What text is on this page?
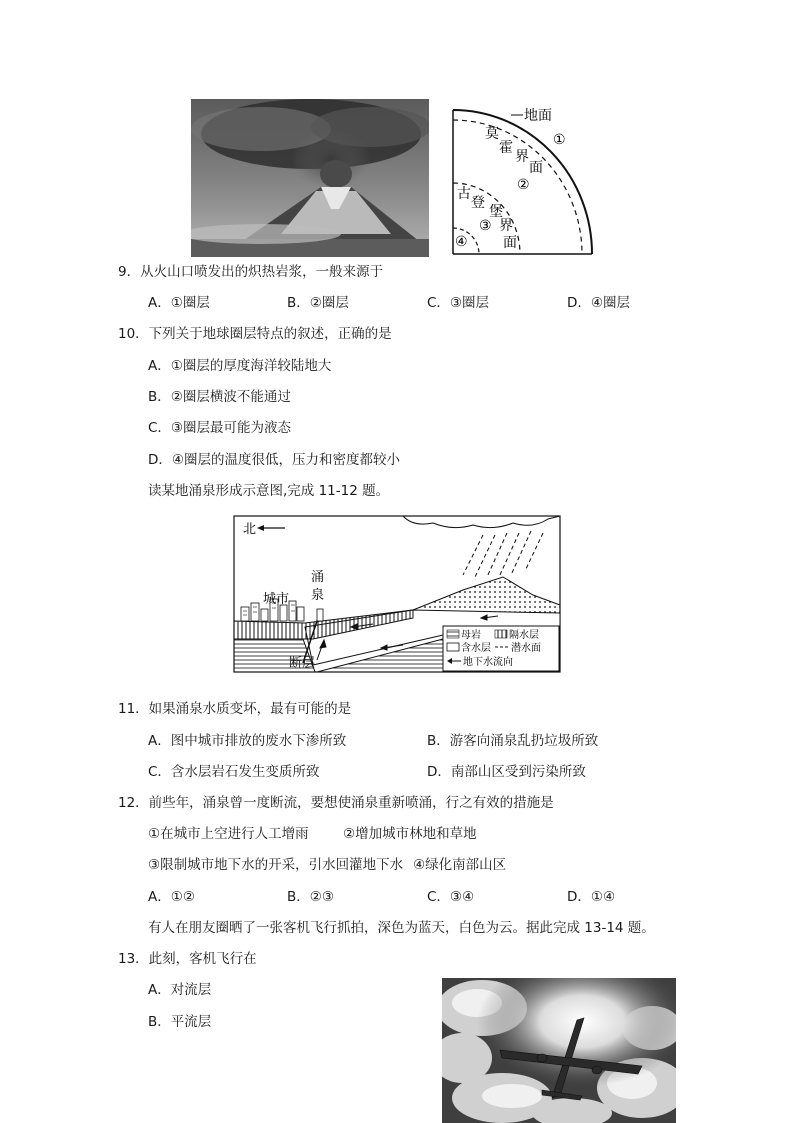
地面
莫
霍
界
面
①
②
古
登
堡
界
面
③
④
9．从火山口喷发出的炽热岩浆，一般来源于
A．①圈层	B．②圈层	C．③圈层	D．④圈层
10．下列关于地球圈层特点的叙述，正确的是
A．①圈层的厚度海洋较陆地大
B．②圈层横波不能通过
C．③圈层最可能为液态
D．④圈层的温度很低，压力和密度都较小
读某地涌泉形成示意图,完成 11-12 题。
北
城市
涌
泉
断层
母岩	隔水层
含水层 潜水面
地下水流向
11．如果涌泉水质变坏，最有可能的是
A．图中城市排放的废水下渗所致	B．游客向涌泉乱扔垃圾所致
C．含水层岩石发生变质所致	D．南部山区受到污染所致
12．前些年，涌泉曾一度断流，要想使涌泉重新喷涌，行之有效的措施是
①在城市上空进行人工增雨	②增加城市林地和草地
③限制城市地下水的开采，引水回灌地下水 ④绿化南部山区
A．①②	B．②③	C．③④	D．①④
有人在朋友圈晒了一张客机飞行抓拍，深色为蓝天，白色为云。据此完成 13-14 题。
13．此刻，客机飞行在
A．对流层
B．平流层
